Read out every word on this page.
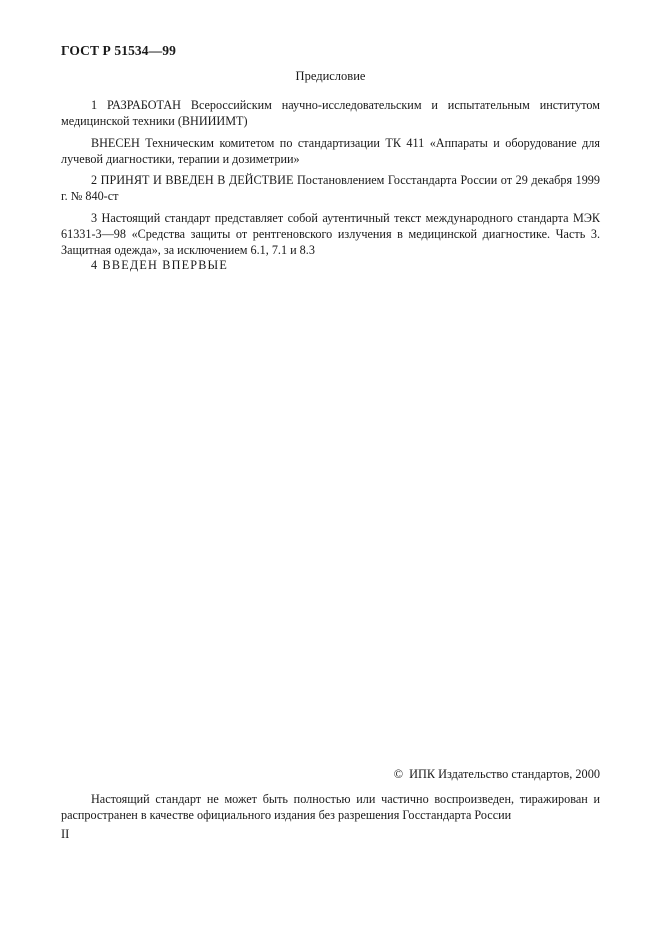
ГОСТ Р 51534—99
Предисловие
1 РАЗРАБОТАН Всероссийским научно-исследовательским и испытательным институтом медицинской техники (ВНИИИМТ)
ВНЕСЕН Техническим комитетом по стандартизации ТК 411 «Аппараты и оборудование для лучевой диагностики, терапии и дозиметрии»
2 ПРИНЯТ И ВВЕДЕН В ДЕЙСТВИЕ Постановлением Госстандарта России от 29 декабря 1999 г. № 840-ст
3 Настоящий стандарт представляет собой аутентичный текст международного стандарта МЭК 61331-3—98 «Средства защиты от рентгеновского излучения в медицинской диагностике. Часть 3. Защитная одежда», за исключением 6.1, 7.1 и 8.3
4 ВВЕДЕН ВПЕРВЫЕ
© ИПК Издательство стандартов, 2000
Настоящий стандарт не может быть полностью или частично воспроизведен, тиражирован и распространен в качестве официального издания без разрешения Госстандарта России
II
